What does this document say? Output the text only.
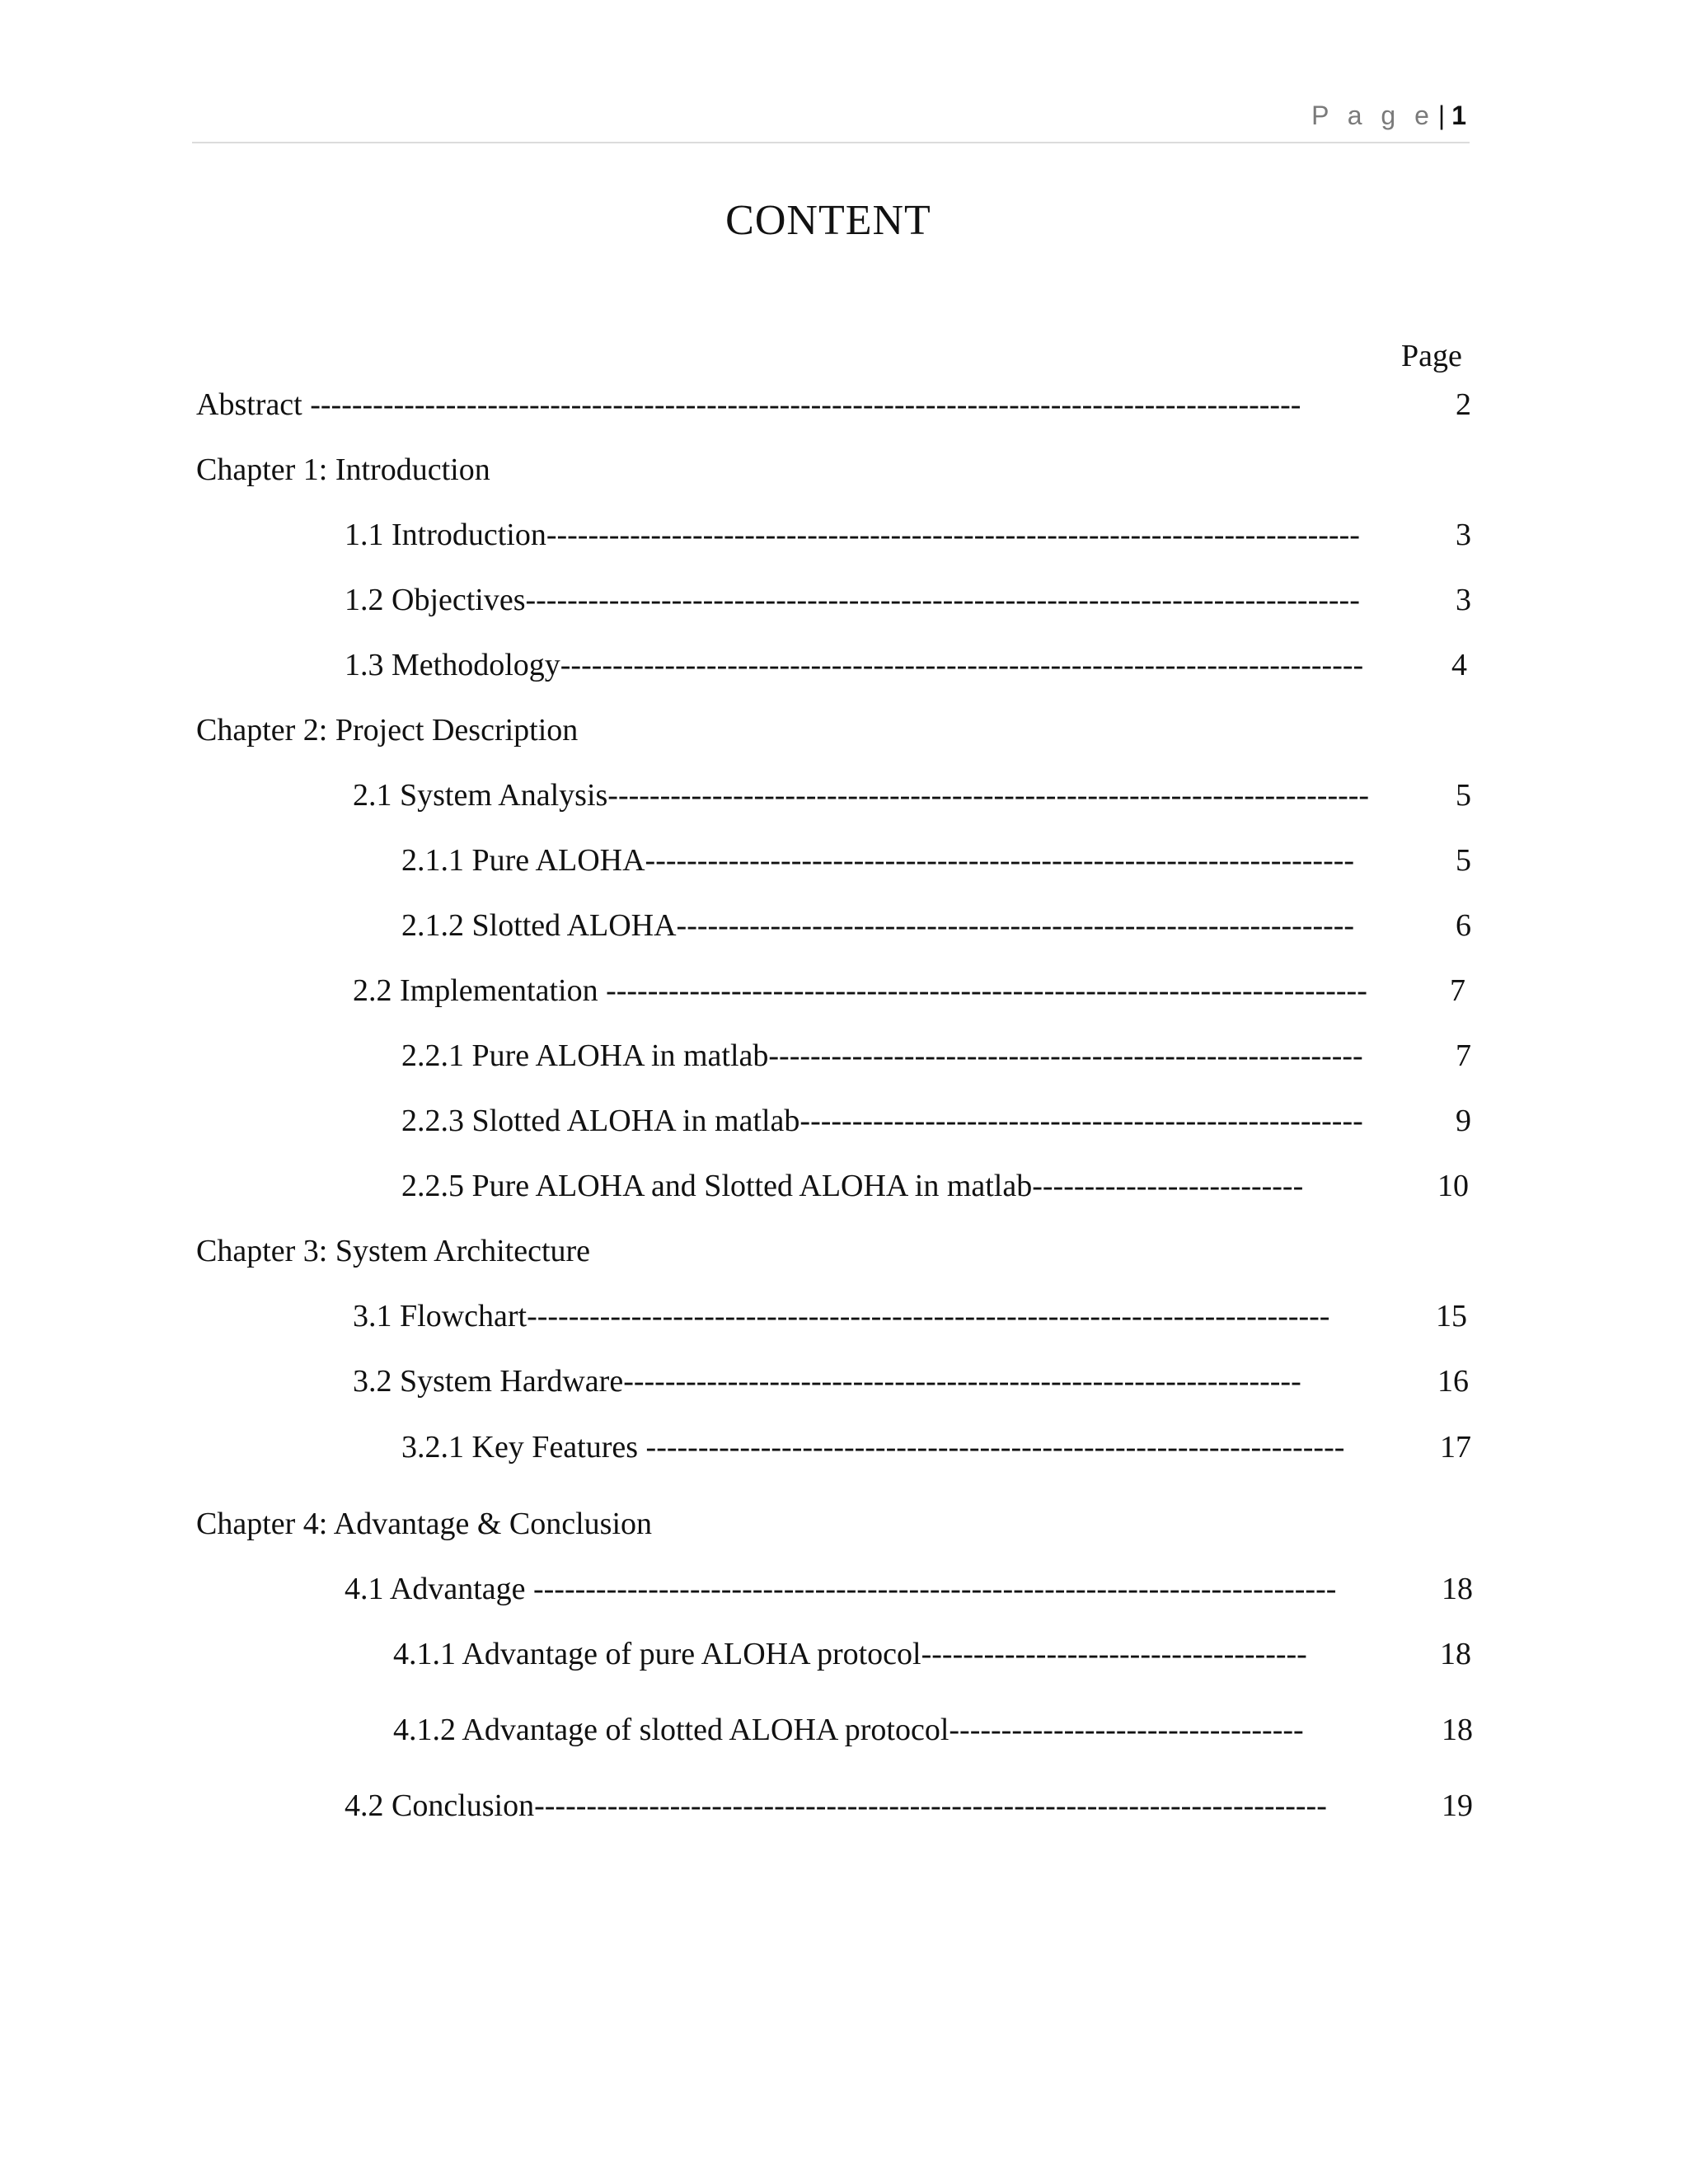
P a g e | 1
CONTENT
Page
Abstract -----------------------------------------------------------------------------------------------	2
Chapter 1: Introduction
1.1 Introduction------------------------------------------------------------------------------	3
1.2 Objectives--------------------------------------------------------------------------------	3
1.3 Methodology-----------------------------------------------------------------------------	4
Chapter 2: Project Description
2.1 System Analysis-------------------------------------------------------------------------	5
2.1.1 Pure ALOHA--------------------------------------------------------------------	5
2.1.2 Slotted ALOHA-----------------------------------------------------------------	6
2.2 Implementation -------------------------------------------------------------------------	7
2.2.1 Pure ALOHA in matlab---------------------------------------------------------	7
2.2.3 Slotted ALOHA in matlab------------------------------------------------------	9
2.2.5 Pure ALOHA and Slotted ALOHA in matlab--------------------------	10
Chapter 3: System Architecture
3.1 Flowchart-----------------------------------------------------------------------------	15
3.2 System Hardware-----------------------------------------------------------------	16
3.2.1 Key Features -------------------------------------------------------------------	17
Chapter 4: Advantage & Conclusion
4.1 Advantage -----------------------------------------------------------------------------	18
4.1.1 Advantage of pure ALOHA protocol-------------------------------------	18
4.1.2 Advantage of slotted ALOHA protocol----------------------------------	18
4.2 Conclusion----------------------------------------------------------------------------	19
